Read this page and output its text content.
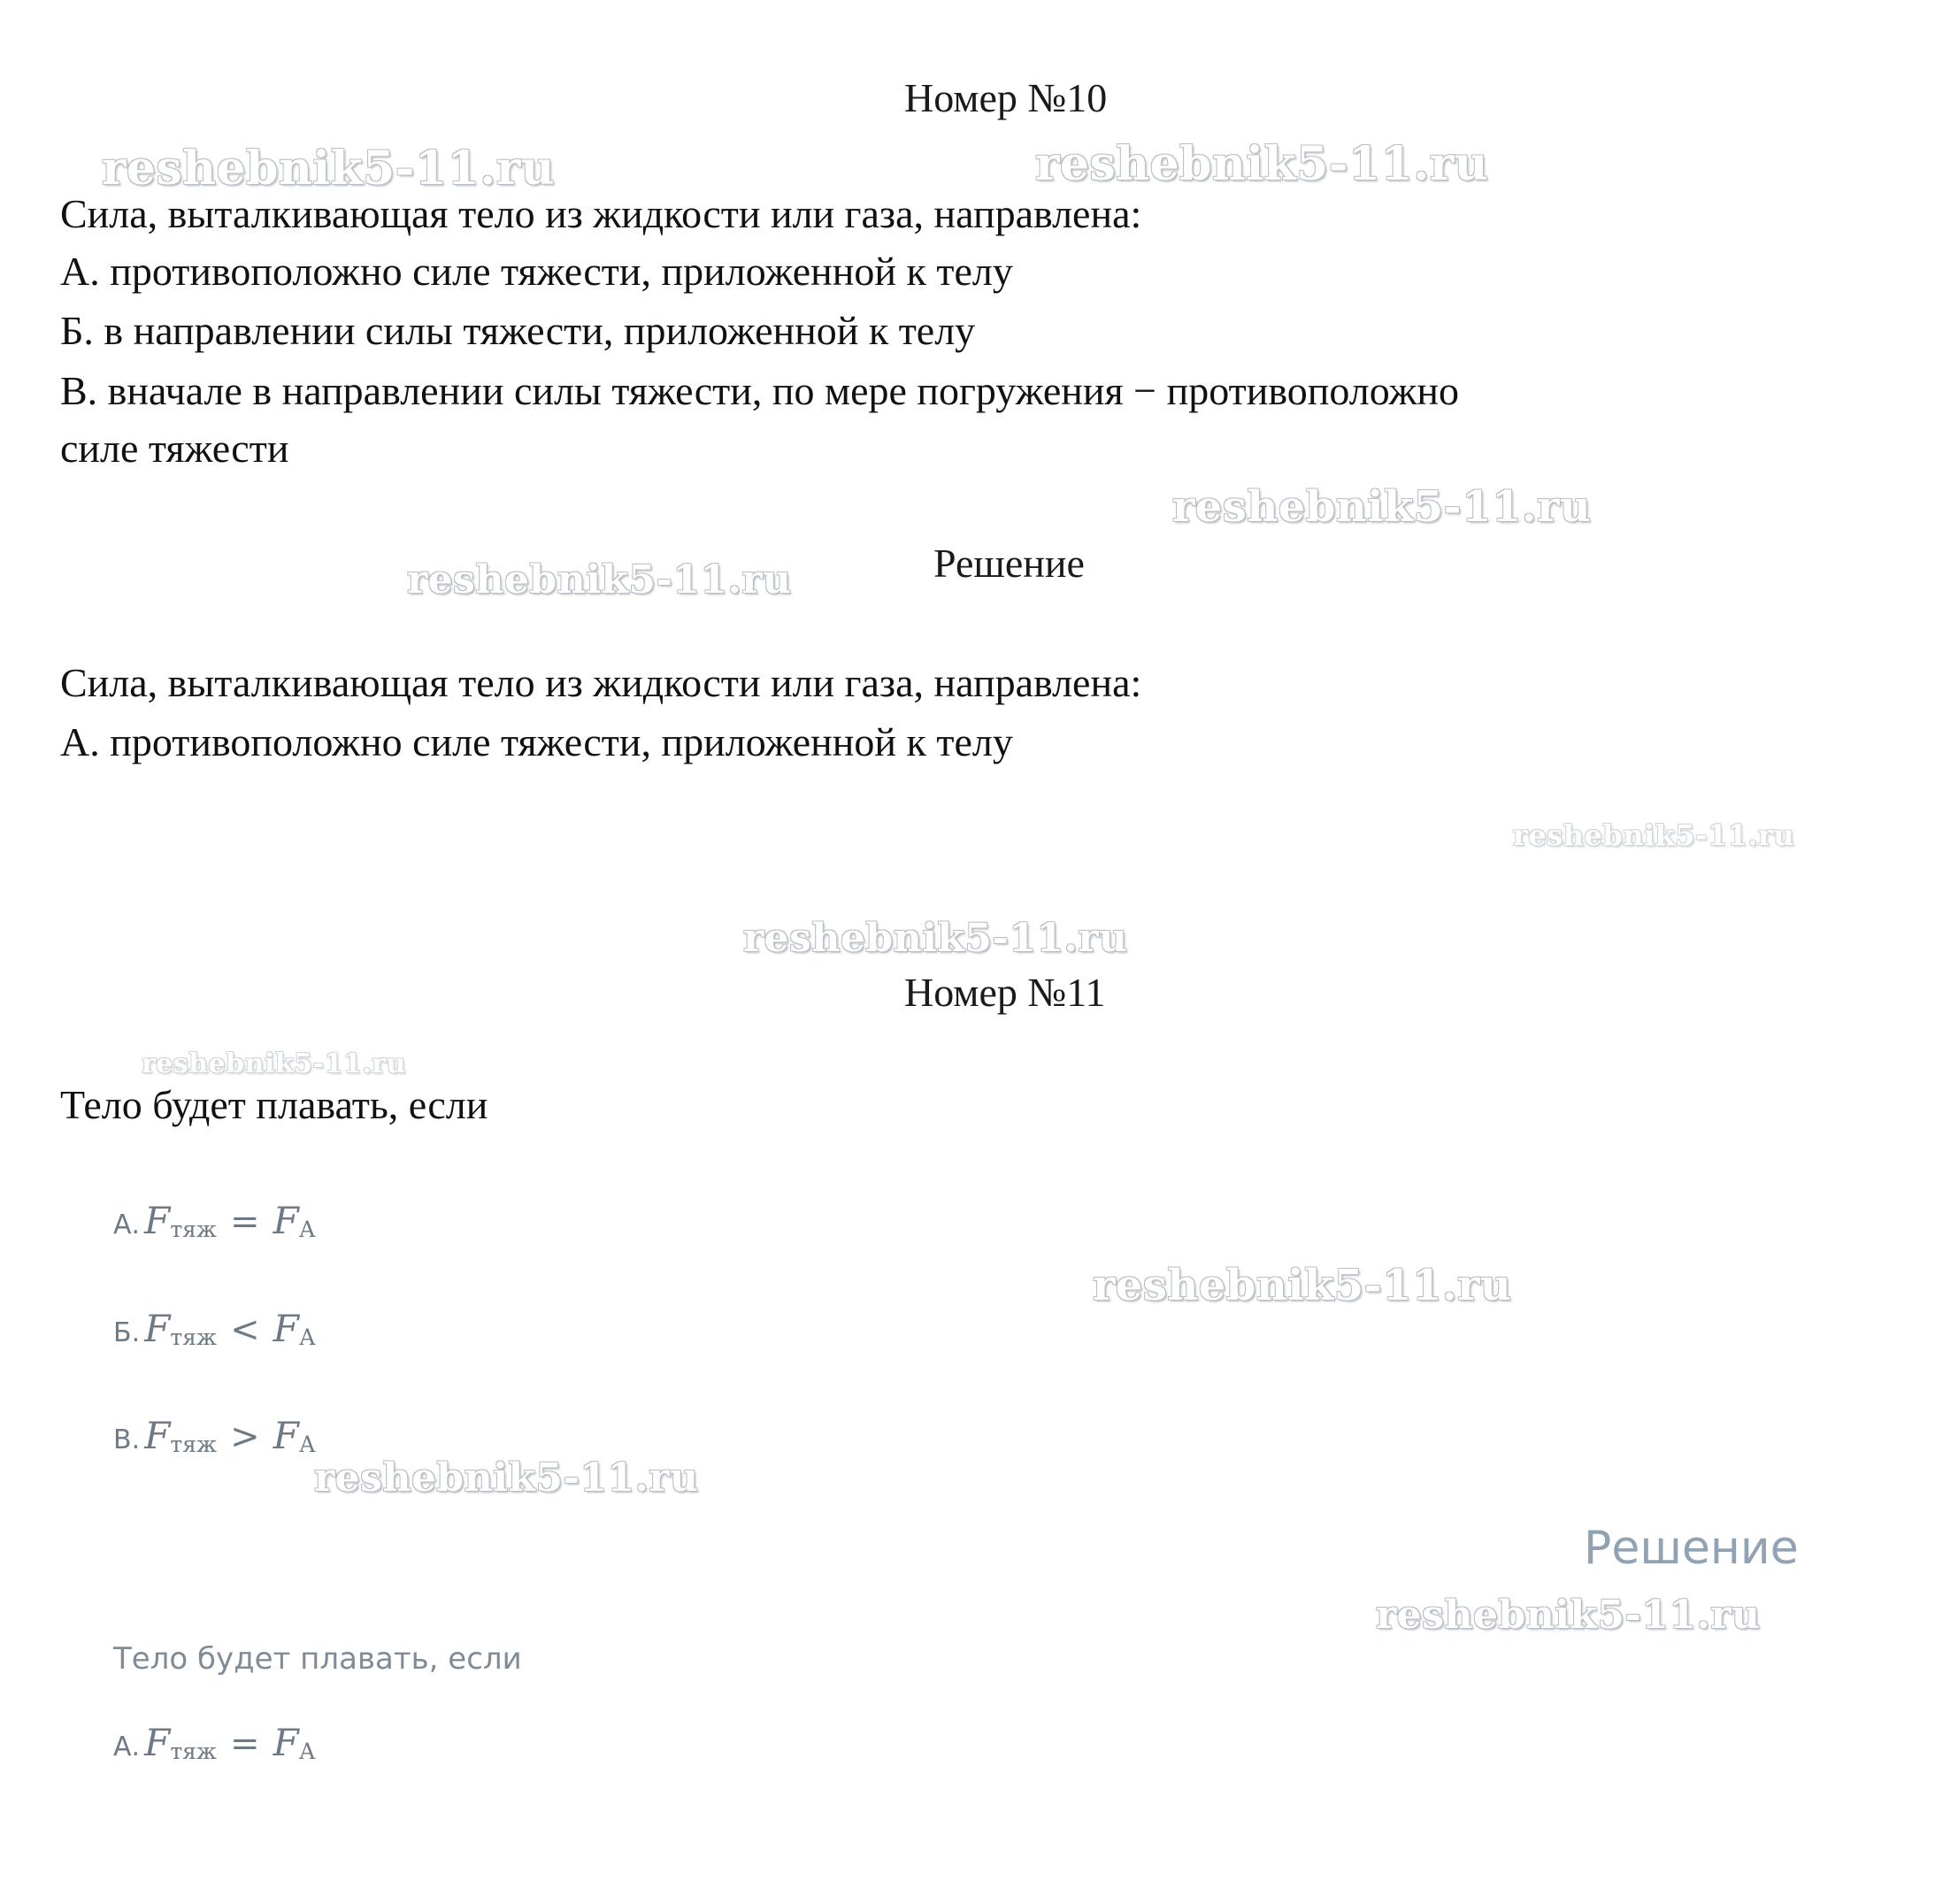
Номер №10
Сила, выталкивающая тело из жидкости или газа, направлена:
А. противоположно силе тяжести, приложенной к телу
Б. в направлении силы тяжести, приложенной к телу
В. вначале в направлении силы тяжести, по мере погружения − противоположно
силе тяжести
Решение
Сила, выталкивающая тело из жидкости или газа, направлена:
А. противоположно силе тяжести, приложенной к телу
Номер №11
Тело будет плавать, если
А. Fтяж = FА
Б. Fтяж < FА
В. Fтяж > FА
Решение
Тело будет плавать, если
А. Fтяж = FА
reshebnik5-11.ru	reshebnik5-11.ru
reshebnik5-11.ru
reshebnik5-11.ru
reshebnik5-11.ru
reshebnik5-11.ru
reshebnik5-11.ru
reshebnik5-11.ru
reshebnik5-11.ru
reshebnik5-11.ru
